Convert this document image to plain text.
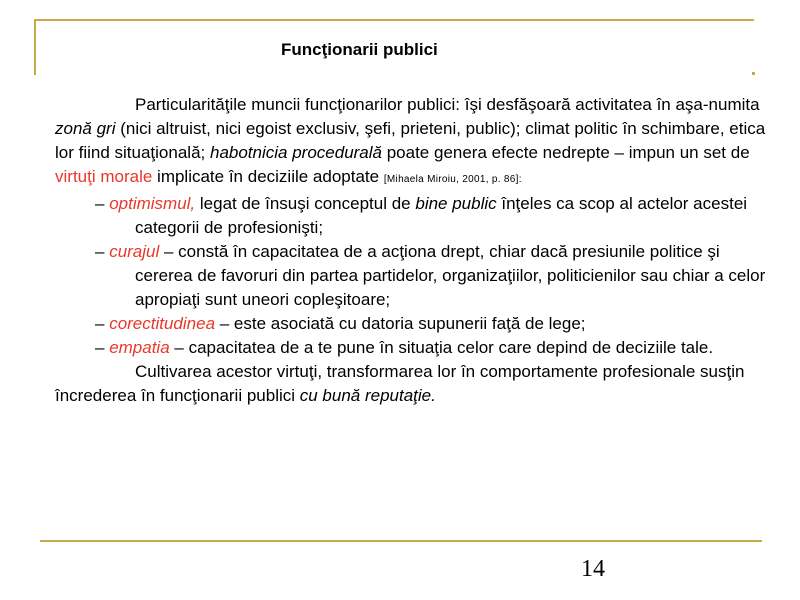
Funcţionarii publici

Particularităţile muncii funcţionarilor publici: îşi desfăşoară activitatea în aşa-numita zonă gri (nici altruist, nici egoist exclusiv, şefi, prieteni, public); climat politic în schimbare, etica lor fiind situaţională; habotnicia procedurală poate genera efecte nedrepte – impun un set de virtuţi morale implicate în deciziile adoptate [Mihaela Miroiu, 2001, p. 86]:

– optimismul, legat de însuşi conceptul de bine public înţeles ca scop al actelor acestei categorii de profesionişti;

– curajul – constă în capacitatea de a acţiona drept, chiar dacă presiunile politice şi cererea de favoruri din partea partidelor, organizaţiilor, politicienilor sau chiar a celor apropiaţi sunt uneori copleşitoare;

– corectitudinea – este asociată cu datoria supunerii faţă de lege;

– empatia – capacitatea de a te pune în situaţia celor care depind de deciziile tale.

Cultivarea acestor virtuţi, transformarea lor în comportamente profesionale susţin încrederea în funcţionarii publici cu bună reputaţie.

14
